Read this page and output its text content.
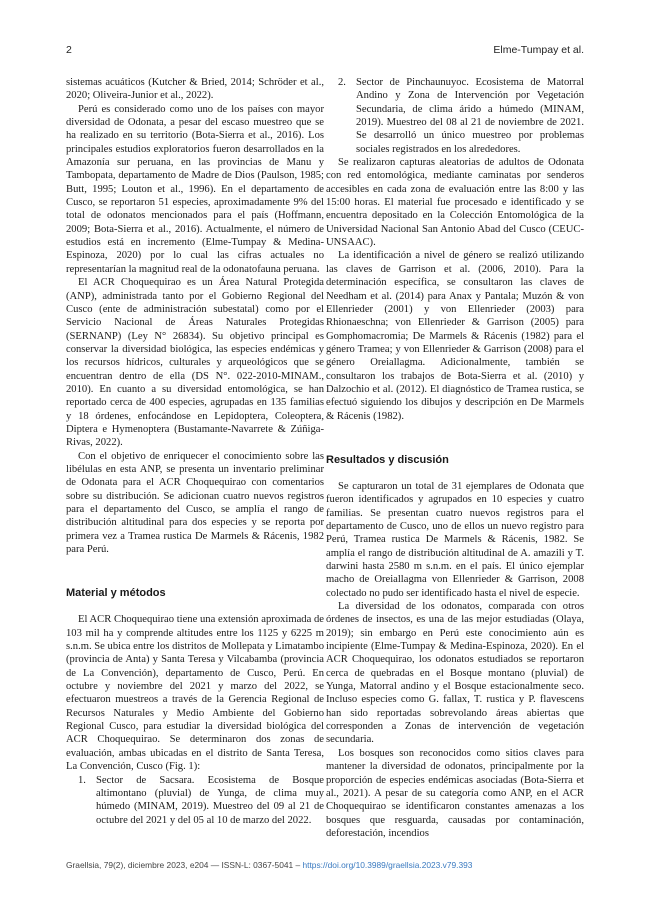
2	Elme-Tumpay et al.

sistemas acuáticos (Kutcher & Bried, 2014; Schröder et al., 2020; Oliveira-Junior et al., 2022).

Perú es considerado como uno de los países con mayor diversidad de Odonata, a pesar del escaso muestreo que se ha realizado en su territorio (Bota-Sierra et al., 2016). Los principales estudios exploratorios fueron desarrollados en la Amazonía sur peruana, en las provincias de Manu y Tambopata, departamento de Madre de Dios (Paulson, 1985; Butt, 1995; Louton et al., 1996). En el departamento de Cusco, se reportaron 51 especies, aproximadamente 9% del total de odonatos mencionados para el país (Hoffmann, 2009; Bota-Sierra et al., 2016). Actualmente, el número de estudios está en incremento (Elme-Tumpay & Medina-Espinoza, 2020) por lo cual las cifras actuales no representarían la magnitud real de la odonatofauna peruana.

El ACR Choquequirao es un Área Natural Protegida (ANP), administrada tanto por el Gobierno Regional del Cusco (ente de administración subestatal) como por el Servicio Nacional de Áreas Naturales Protegidas (SERNANP) (Ley N° 26834). Su objetivo principal es conservar la diversidad biológica, las especies endémicas y los recursos hídricos, culturales y arqueológicos que se encuentran dentro de ella (DS N°. 022-2010-MINAM., 2010). En cuanto a su diversidad entomológica, se han reportado cerca de 400 especies, agrupadas en 135 familias y 18 órdenes, enfocándose en Lepidoptera, Coleoptera, Diptera e Hymenoptera (Bustamante-Navarrete & Zúñiga-Rivas, 2022).

Con el objetivo de enriquecer el conocimiento sobre las libélulas en esta ANP, se presenta un inventario preliminar de Odonata para el ACR Choquequirao con comentarios sobre su distribución. Se adicionan cuatro nuevos registros para el departamento del Cusco, se amplía el rango de distribución altitudinal para dos especies y se reporta por primera vez a Tramea rustica De Marmels & Rácenis, 1982 para Perú.

Material y métodos

El ACR Choquequirao tiene una extensión aproximada de 103 mil ha y comprende altitudes entre los 1125 y 6225 m s.n.m. Se ubica entre los distritos de Mollepata y Limatambo (provincia de Anta) y Santa Teresa y Vilcabamba (provincia de La Convención), departamento de Cusco, Perú. En octubre y noviembre del 2021 y marzo del 2022, se efectuaron muestreos a través de la Gerencia Regional de Recursos Naturales y Medio Ambiente del Gobierno Regional Cusco, para estudiar la diversidad biológica del ACR Choquequirao. Se determinaron dos zonas de evaluación, ambas ubicadas en el distrito de Santa Teresa, La Convención, Cusco (Fig. 1):

1. Sector de Sacsara. Ecosistema de Bosque altimontano (pluvial) de Yunga, de clima muy húmedo (MINAM, 2019). Muestreo del 09 al 21 de octubre del 2021 y del 05 al 10 de marzo del 2022.
2. Sector de Pinchaunuyoc. Ecosistema de Matorral Andino y Zona de Intervención por Vegetación Secundaria, de clima árido a húmedo (MINAM, 2019). Muestreo del 08 al 21 de noviembre de 2021. Se desarrolló un único muestreo por problemas sociales registrados en los alrededores.

Se realizaron capturas aleatorias de adultos de Odonata con red entomológica, mediante caminatas por senderos accesibles en cada zona de evaluación entre las 8:00 y las 15:00 horas. El material fue procesado e identificado y se encuentra depositado en la Colección Entomológica de la Universidad Nacional San Antonio Abad del Cusco (CEUC-UNSAAC).

La identificación a nivel de género se realizó utilizando las claves de Garrison et al. (2006, 2010). Para la determinación específica, se consultaron las claves de Needham et al. (2014) para Anax y Pantala; Muzón & von Ellenrieder (2001) y von Ellenrieder (2003) para Rhionaeschna; von Ellenrieder & Garrison (2005) para Gomphomacromia; De Marmels & Rácenis (1982) para el género Tramea; y von Ellenrieder & Garrison (2008) para el género Oreiallagma. Adicionalmente, también se consultaron los trabajos de Bota-Sierra et al. (2010) y Dalzochio et al. (2012). El diagnóstico de Tramea rustica, se efectuó siguiendo los dibujos y descripción en De Marmels & Rácenis (1982).

Resultados y discusión

Se capturaron un total de 31 ejemplares de Odonata que fueron identificados y agrupados en 10 especies y cuatro familias. Se presentan cuatro nuevos registros para el departamento de Cusco, uno de ellos un nuevo registro para Perú, Tramea rustica De Marmels & Rácenis, 1982. Se amplía el rango de distribución altitudinal de A. amazili y T. darwini hasta 2580 m s.n.m. en el país. El único ejemplar macho de Oreiallagma von Ellenrieder & Garrison, 2008 colectado no pudo ser identificado hasta el nivel de especie.

La diversidad de los odonatos, comparada con otros órdenes de insectos, es una de las mejor estudiadas (Olaya, 2019); sin embargo en Perú este conocimiento aún es incipiente (Elme-Tumpay & Medina-Espinoza, 2020). En el ACR Choquequirao, los odonatos estudiados se reportaron cerca de quebradas en el Bosque montano (pluvial) de Yunga, Matorral andino y el Bosque estacionalmente seco. Incluso especies como G. fallax, T. rustica y P. flavescens han sido reportadas sobrevolando áreas abiertas que corresponden a Zonas de intervención de vegetación secundaria.

Los bosques son reconocidos como sitios claves para mantener la diversidad de odonatos, principalmente por la proporción de especies endémicas asociadas (Bota-Sierra et al., 2021). A pesar de su categoría como ANP, en el ACR Choquequirao se identificaron constantes amenazas a los bosques que resguarda, causadas por contaminación, deforestación, incendios

Graellsia, 79(2), diciembre 2023, e204 — ISSN-L: 0367-5041 – https://doi.org/10.3989/graellsia.2023.v79.393
